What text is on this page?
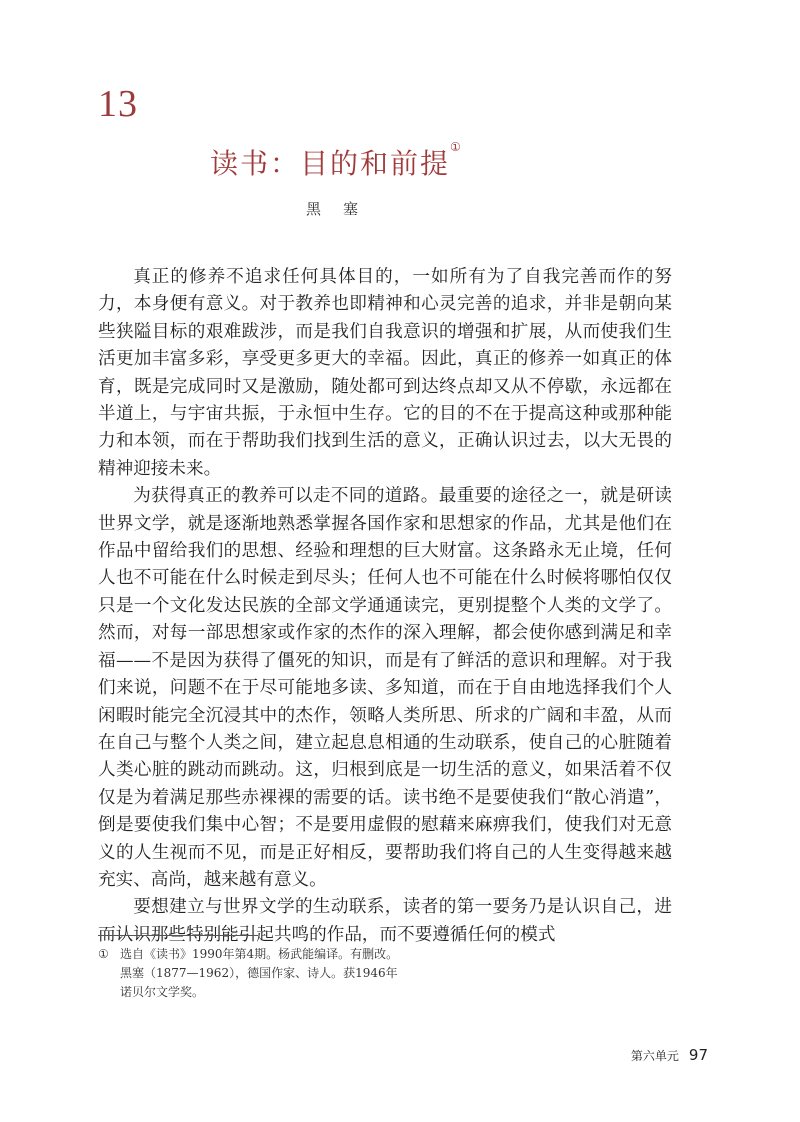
13
读书：目的和前提①
黑塞

真正的修养不追求任何具体目的，一如所有为了自我完善而作的努力，本身便有意义。对于教养也即精神和心灵完善的追求，并非是朝向某些狭隘目标的艰难跋涉，而是我们自我意识的增强和扩展，从而使我们生活更加丰富多彩，享受更多更大的幸福。因此，真正的修养一如真正的体育，既是完成同时又是激励，随处都可到达终点却又从不停歇，永远都在半道上，与宇宙共振，于永恒中生存。它的目的不在于提高这种或那种能力和本领，而在于帮助我们找到生活的意义，正确认识过去，以大无畏的精神迎接未来。

为获得真正的教养可以走不同的道路。最重要的途径之一，就是研读世界文学，就是逐渐地熟悉掌握各国作家和思想家的作品，尤其是他们在作品中留给我们的思想、经验和理想的巨大财富。这条路永无止境，任何人也不可能在什么时候走到尽头；任何人也不可能在什么时候将哪怕仅仅只是一个文化发达民族的全部文学通通读完，更别提整个人类的文学了。然而，对每一部思想家或作家的杰作的深入理解，都会使你感到满足和幸福——不是因为获得了僵死的知识，而是有了鲜活的意识和理解。对于我们来说，问题不在于尽可能地多读、多知道，而在于自由地选择我们个人闲暇时能完全沉浸其中的杰作，领略人类所思、所求的广阔和丰盈，从而在自己与整个人类之间，建立起息息相通的生动联系，使自己的心脏随着人类心脏的跳动而跳动。这，归根到底是一切生活的意义，如果活着不仅仅是为着满足那些赤裸裸的需要的话。读书绝不是要使我们“散心消遣”，倒是要使我们集中心智；不是要用虚假的慰藉来麻痹我们，使我们对无意义的人生视而不见，而是正好相反，要帮助我们将自己的人生变得越来越充实、高尚，越来越有意义。

要想建立与世界文学的生动联系，读者的第一要务乃是认识自己，进而认识那些特别能引起共鸣的作品，而不要遵循任何的模式

① 选自《读书》1990年第4期。杨武能编译。有删改。

黑塞（1877—1962），德国作家、诗人。获1946年

诺贝尔文学奖。

第六单元 97
